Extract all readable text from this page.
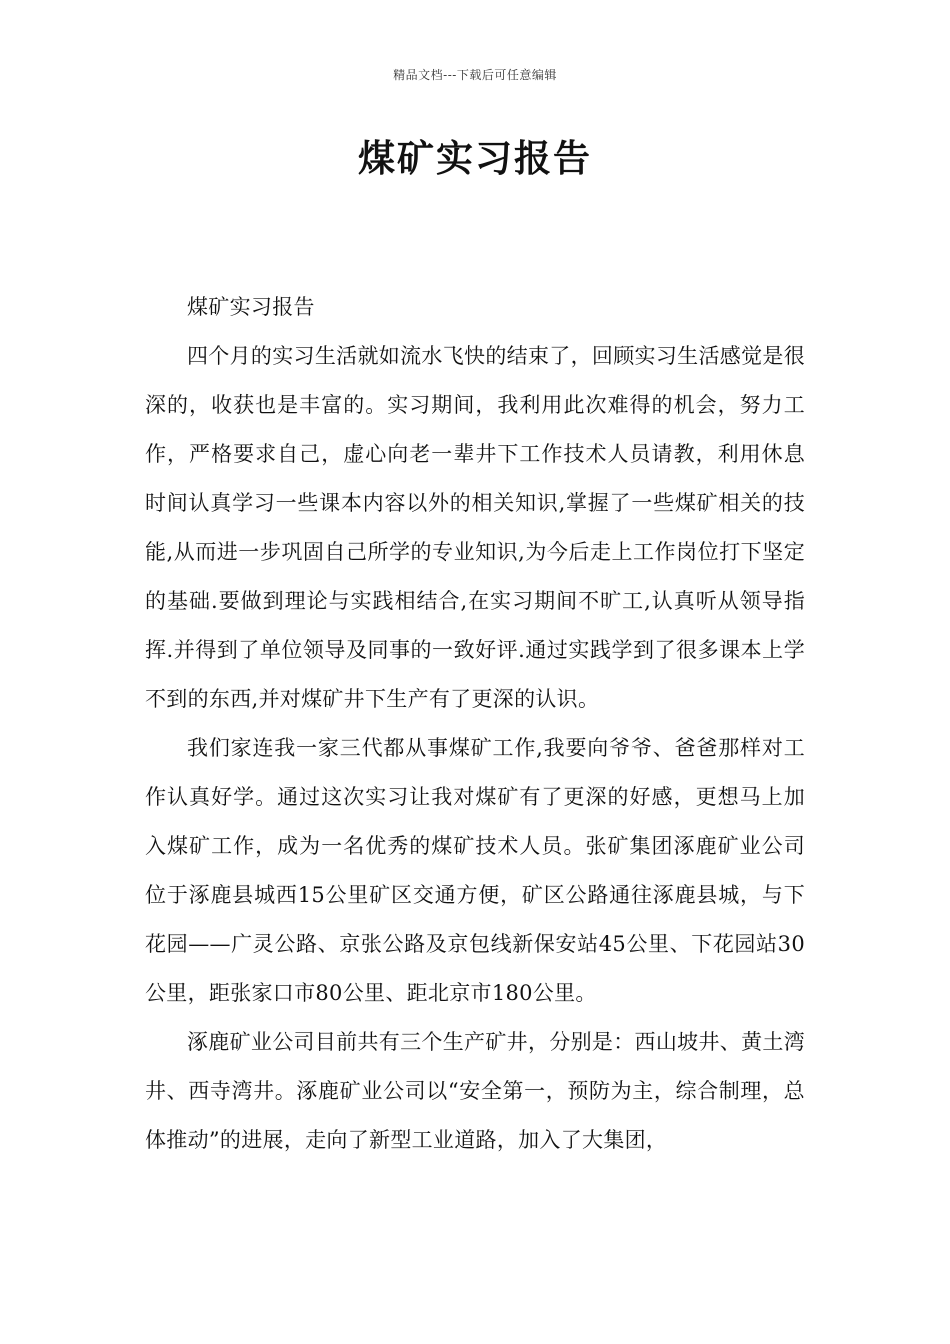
精品文档---下载后可任意编辑
煤矿实习报告

煤矿实习报告

四个月的实习生活就如流水飞快的结束了，回顾实习生活感觉是很深的，收获也是丰富的。实习期间，我利用此次难得的机会，努力工作，严格要求自己，虚心向老一辈井下工作技术人员请教，利用休息时间认真学习一些课本内容以外的相关知识,掌握了一些煤矿相关的技能,从而进一步巩固自己所学的专业知识,为今后走上工作岗位打下坚定的基础.要做到理论与实践相结合,在实习期间不旷工,认真听从领导指挥.并得到了单位领导及同事的一致好评.通过实践学到了很多课本上学不到的东西,并对煤矿井下生产有了更深的认识。

我们家连我一家三代都从事煤矿工作,我要向爷爷、爸爸那样对工作认真好学。通过这次实习让我对煤矿有了更深的好感，更想马上加入煤矿工作，成为一名优秀的煤矿技术人员。张矿集团涿鹿矿业公司位于涿鹿县城西15公里矿区交通方便，矿区公路通往涿鹿县城，与下花园——广灵公路、京张公路及京包线新保安站45公里、下花园站30公里，距张家口市80公里、距北京市180公里。

涿鹿矿业公司目前共有三个生产矿井，分别是：西山坡井、黄土湾井、西寺湾井。涿鹿矿业公司以“安全第一，预防为主，综合制理，总体推动”的进展，走向了新型工业道路，加入了大集团，
